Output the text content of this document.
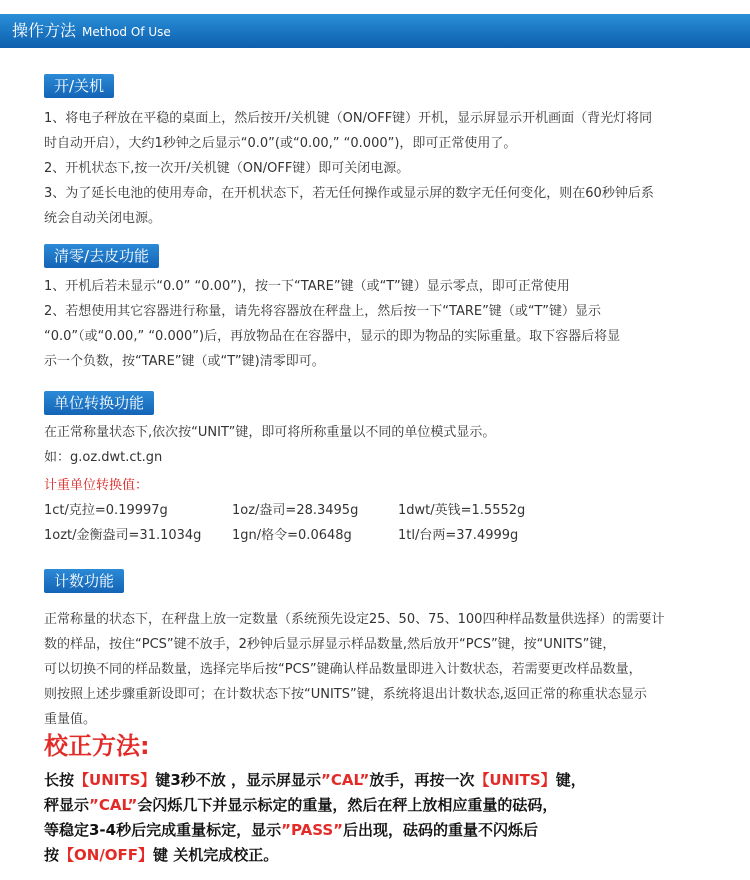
操作方法 Method Of Use
开/关机

1、将电子秤放在平稳的桌面上，然后按开/关机键（ON/OFF键）开机，显示屏显示开机画面（背光灯将同

时自动开启），大约1秒钟之后显示“0.0”(或“0.00,” “0.000”)，即可正常使用了。

2、开机状态下,按一次开/关机键（ON/OFF键）即可关闭电源。

3、为了延长电池的使用寿命，在开机状态下，若无任何操作或显示屏的数字无任何变化，则在60秒钟后系

统会自动关闭电源。

清零/去皮功能

1、开机后若未显示“0.0” “0.00”)，按一下“TARE”键（或“T”键）显示零点，即可正常使用

2、若想使用其它容器进行称量，请先将容器放在秤盘上，然后按一下“TARE”键（或“T”键）显示

“0.0”（或“0.00,” “0.000”)后，再放物品在在容器中，显示的即为物品的实际重量。取下容器后将显

示一个负数，按“TARE”键（或“T”键)清零即可。

单位转换功能

在正常称量状态下,依次按“UNIT”键，即可将所称重量以不同的单位模式显示。

如：g.oz.dwt.ct.gn

计重单位转换值：
1ct/克拉=0.19997g	1oz/盎司=28.3495g	1dwt/英钱=1.5552g
1ozt/金衡盎司=31.1034g 1gn/格令=0.0648g	1tl/台两=37.4999g
计数功能

正常称量的状态下，在秤盘上放一定数量（系统预先设定25、50、75、100四种样品数量供选择）的需要计

数的样品，按住“PCS”键不放手，2秒钟后显示屏显示样品数量,然后放开“PCS”键，按“UNITS”键，

可以切换不同的样品数量，选择完毕后按“PCS”键确认样品数量即进入计数状态，若需要更改样品数量，

则按照上述步骤重新设即可；在计数状态下按“UNITS”键，系统将退出计数状态,返回正常的称重状态显示

重量值。

校正方法:

长按【UNITS】键3秒不放 ，显示屏显示”CAL”放手，再按一次【UNITS】键，

秤显示”CAL”会闪烁几下并显示标定的重量，然后在秤上放相应重量的砝码，

等稳定3-4秒后完成重量标定，显示”PASS”后出现，砝码的重量不闪烁后

按【ON/OFF】键 关机完成校正。
